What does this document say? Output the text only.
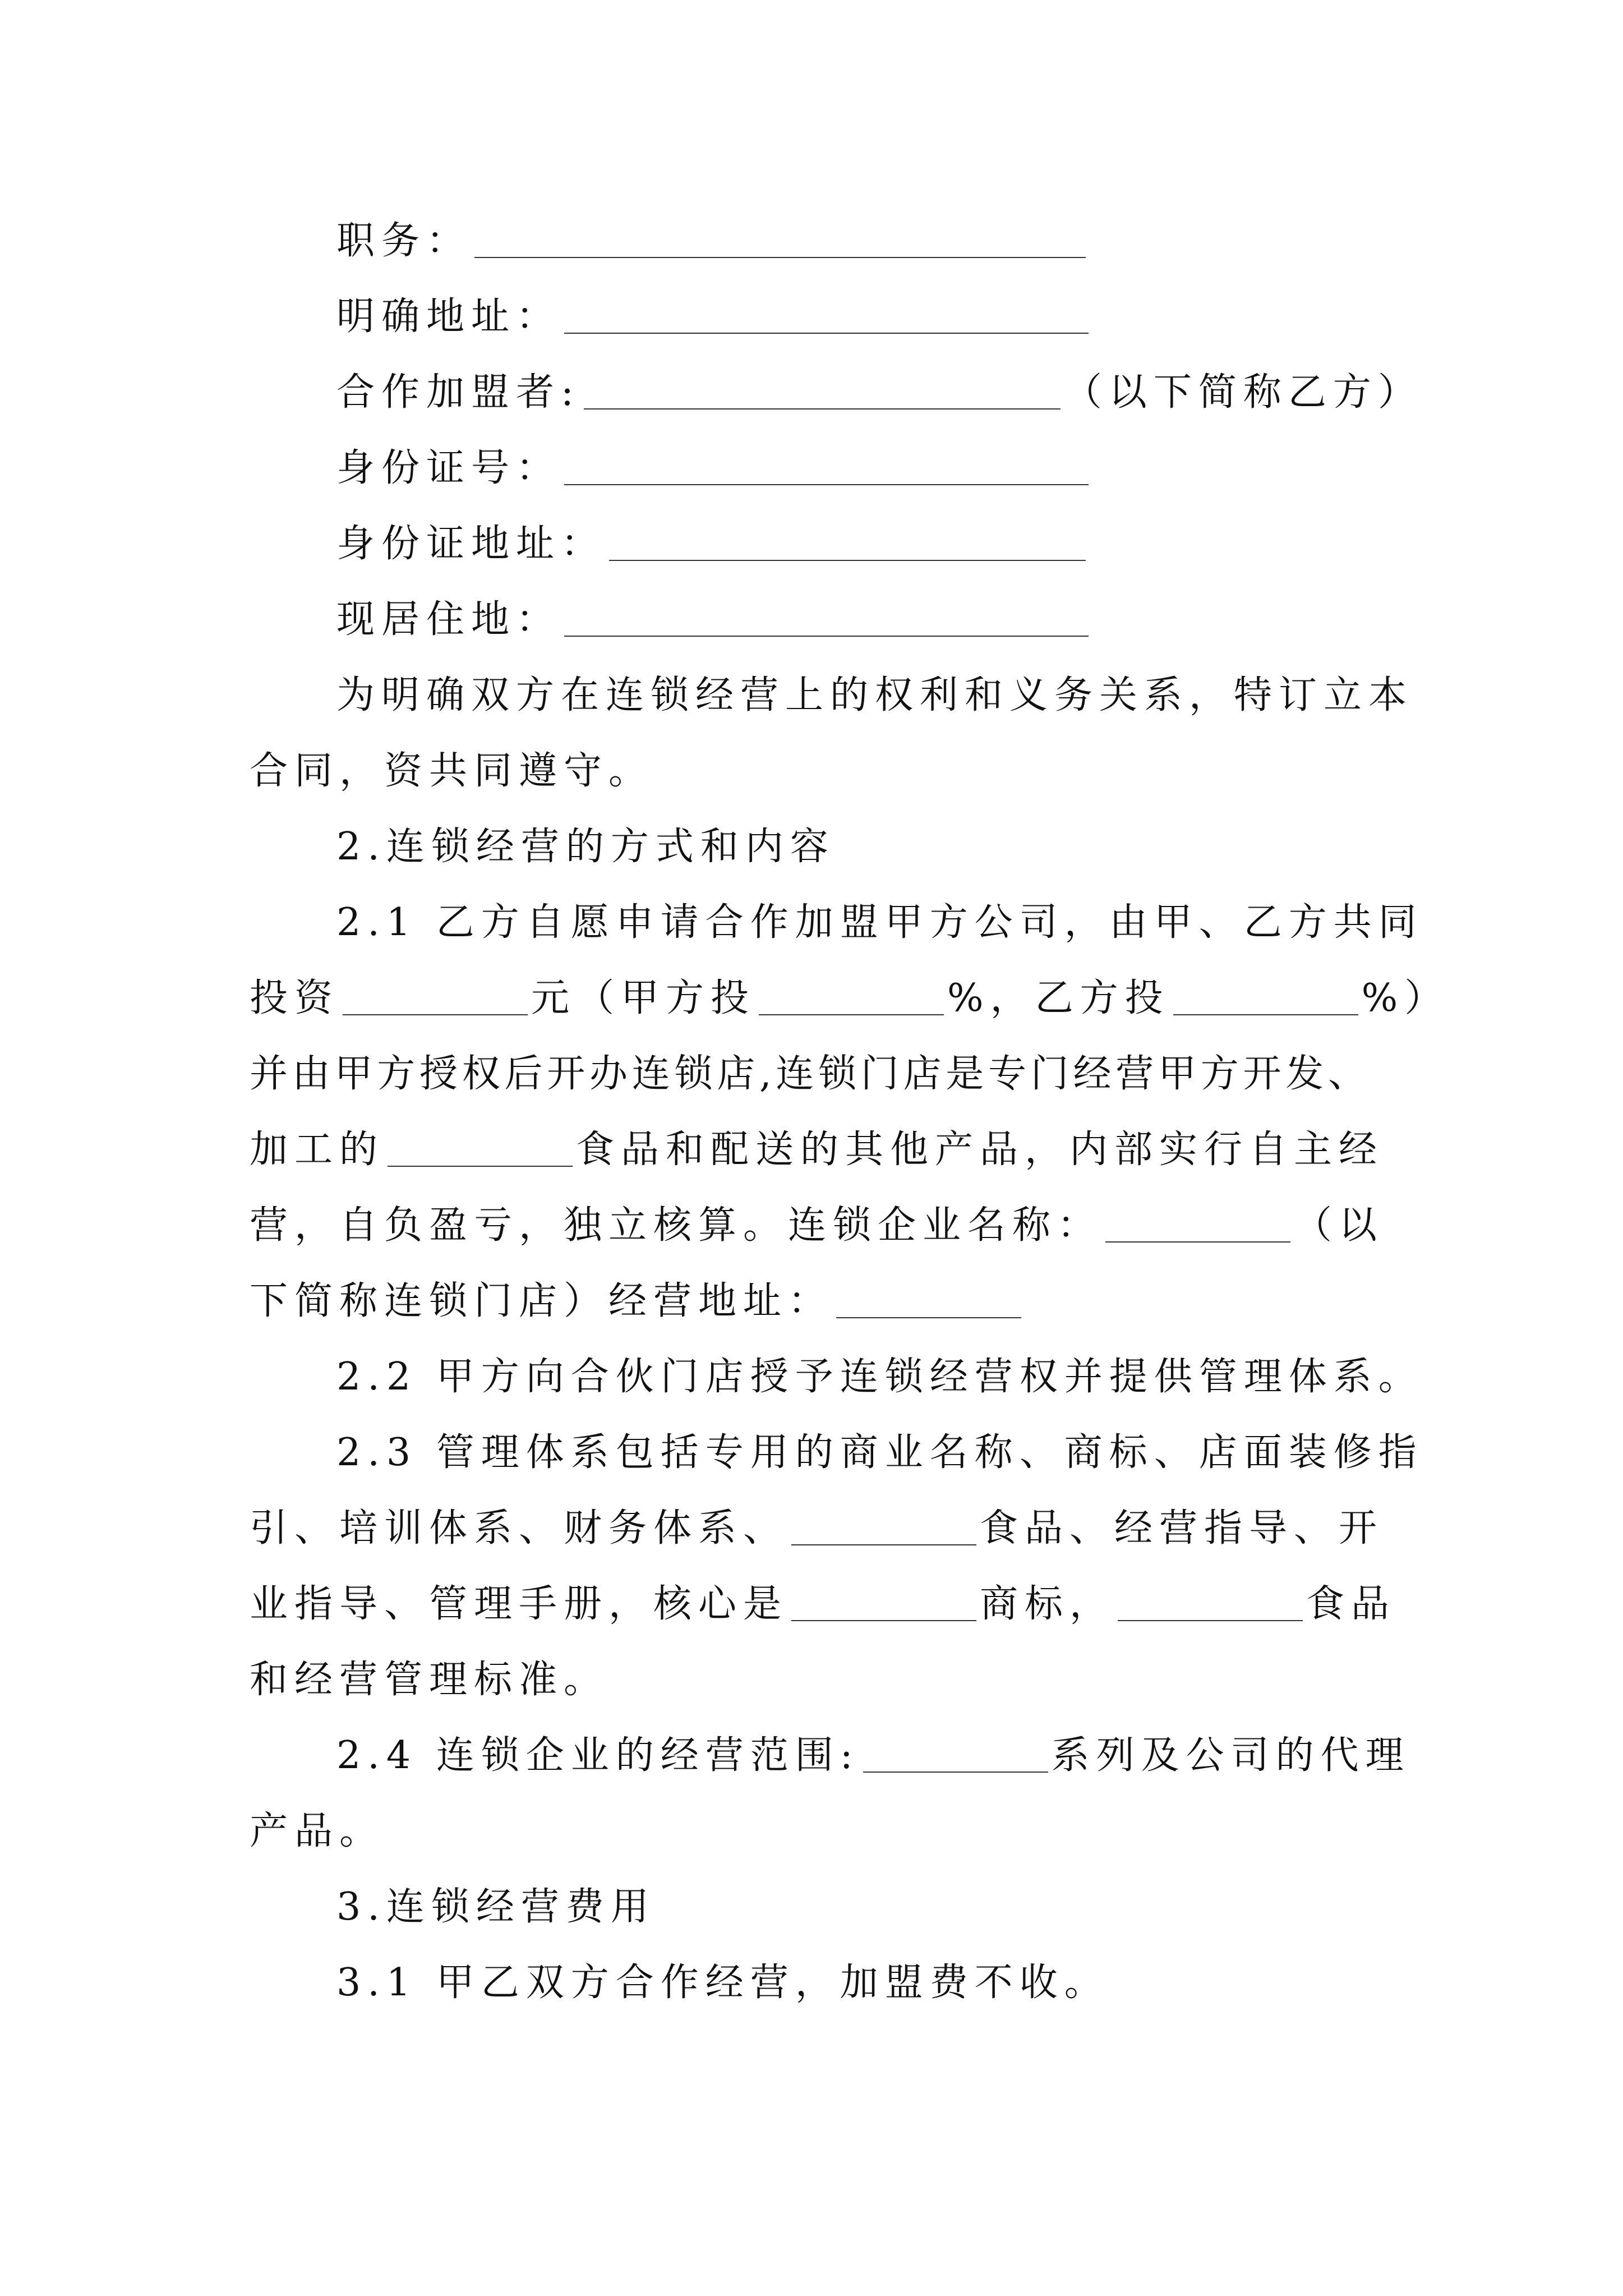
职务：
明确地址：
合作加盟者:	（以下简称乙方）
身份证号：
身份证地址：
现居住地：
为明确双方在连锁经营上的权利和义务关系，特订立本
合同，资共同遵守。
2.连锁经营的方式和内容
2.1 乙方自愿申请合作加盟甲方公司，由甲、乙方共同
投资	元（甲方投	%，乙方投	%）
并由甲方授权后开办连锁店,连锁门店是专门经营甲方开发、
加工的	食品和配送的其他产品，内部实行自主经
营，自负盈亏，独立核算。连锁企业名称：	（以
下简称连锁门店）经营地址：
2.2 甲方向合伙门店授予连锁经营权并提供管理体系。
2.3 管理体系包括专用的商业名称、商标、店面装修指
引、培训体系、财务体系、	食品、经营指导、开
业指导、管理手册，核心是	商标，	食品
和经营管理标准。
2.4 连锁企业的经营范围:	系列及公司的代理
产品。
3.连锁经营费用
3.1 甲乙双方合作经营，加盟费不收。
